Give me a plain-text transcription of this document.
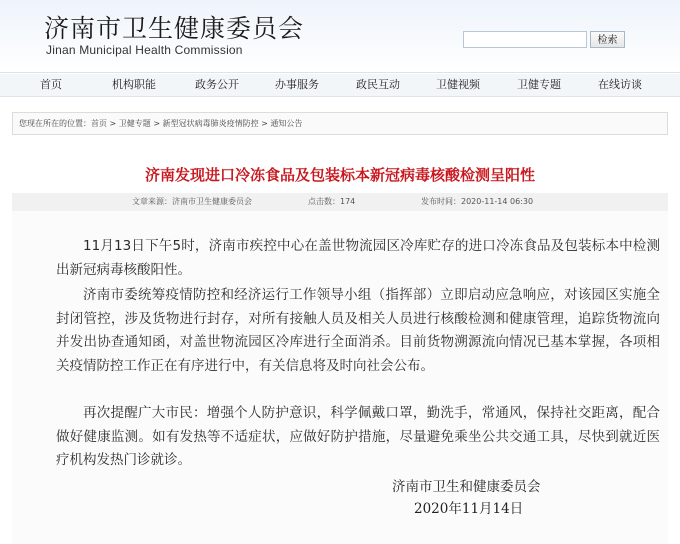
济南市卫生健康委员会
Jinan Municipal Health Commission
检索
首页	机构职能	政务公开	办事服务	政民互动	卫健视频	卫健专题	在线访谈
您现在所在的位置：首页 > 卫健专题 > 新型冠状病毒肺炎疫情防控 > 通知公告
济南发现进口冷冻食品及包装标本新冠病毒核酸检测呈阳性
文章来源：济南市卫生健康委员会	点击数：174	发布时间：2020-11-14 06:30

11月13日下午5时，济南市疾控中心在盖世物流园区冷库贮存的进口冷冻食品及包装标本中检测出新冠病毒核酸阳性。

济南市委统筹疫情防控和经济运行工作领导小组（指挥部）立即启动应急响应，对该园区实施全封闭管控，涉及货物进行封存，对所有接触人员及相关人员进行核酸检测和健康管理，追踪货物流向并发出协查通知函，对盖世物流园区冷库进行全面消杀。目前货物溯源流向情况已基本掌握，各项相关疫情防控工作正在有序进行中，有关信息将及时向社会公布。

再次提醒广大市民：增强个人防护意识，科学佩戴口罩，勤洗手，常通风，保持社交距离，配合做好健康监测。如有发热等不适症状，应做好防护措施，尽量避免乘坐公共交通工具，尽快到就近医疗机构发热门诊就诊。

济南市卫生和健康委员会
2020年11月14日
